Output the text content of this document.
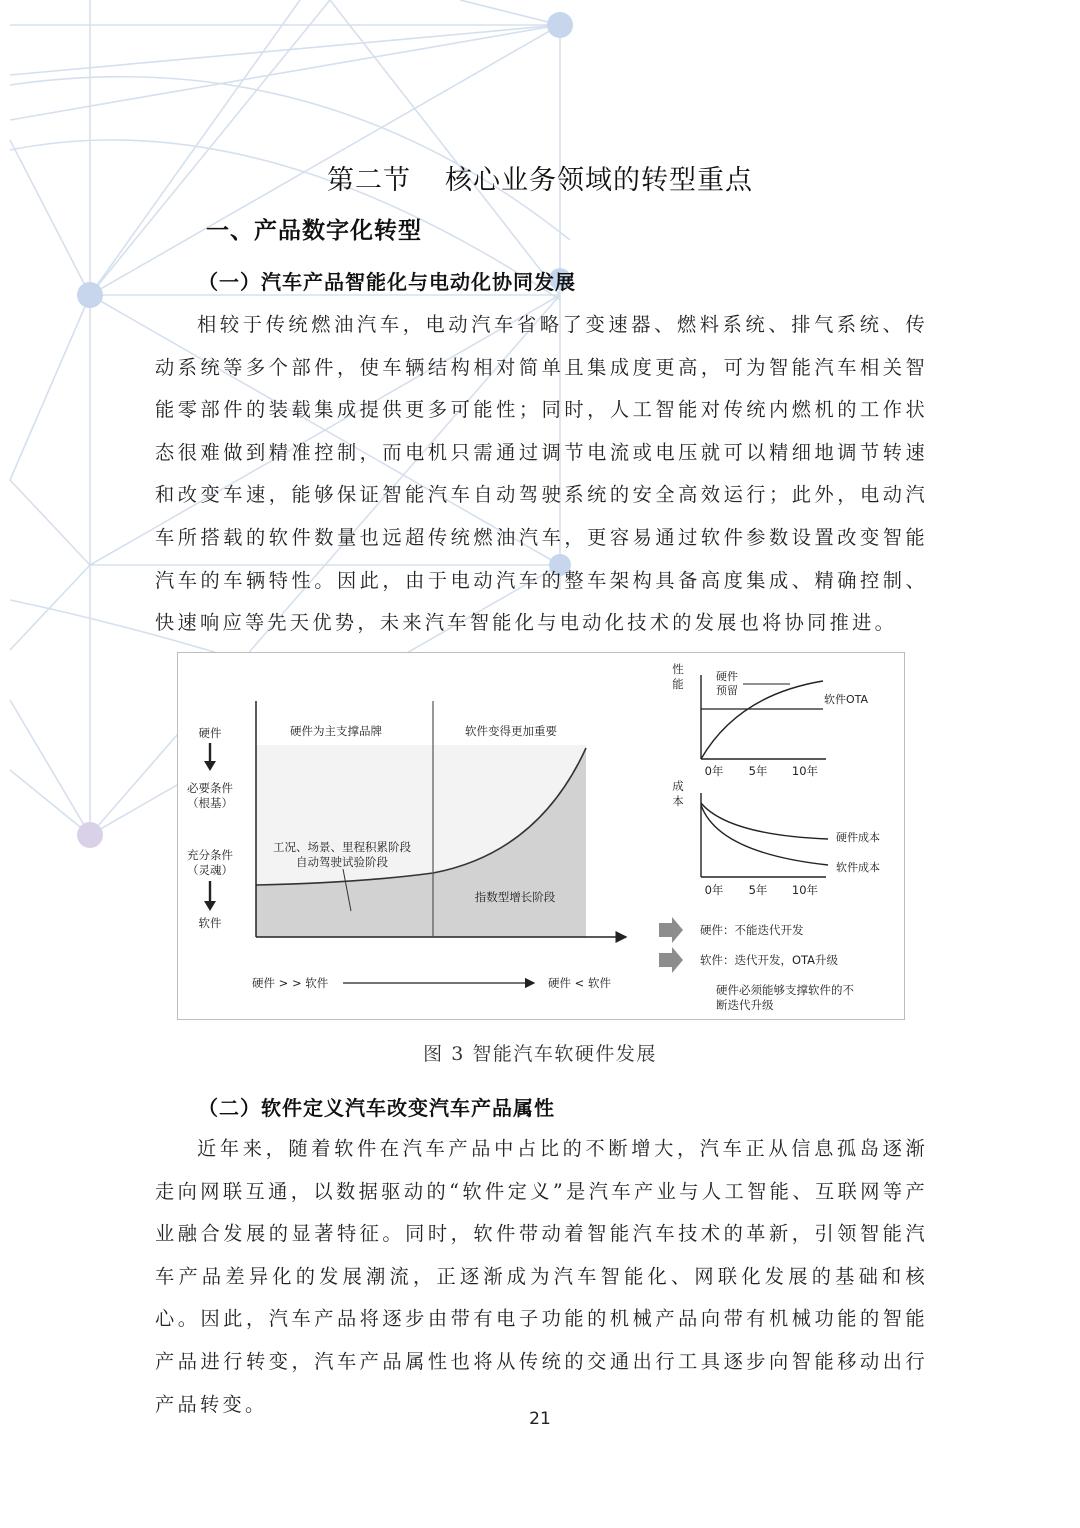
第二节 核心业务领域的转型重点
一、产品数字化转型
（一）汽车产品智能化与电动化协同发展
相较于传统燃油汽车，电动汽车省略了变速器、燃料系统、排气系统、传动系统等多个部件，使车辆结构相对简单且集成度更高，可为智能汽车相关智能零部件的装载集成提供更多可能性；同时，人工智能对传统内燃机的工作状态很难做到精准控制，而电机只需通过调节电流或电压就可以精细地调节转速和改变车速，能够保证智能汽车自动驾驶系统的安全高效运行；此外，电动汽车所搭载的软件数量也远超传统燃油汽车，更容易通过软件参数设置改变智能汽车的车辆特性。因此，由于电动汽车的整车架构具备高度集成、精确控制、快速响应等先天优势，未来汽车智能化与电动化技术的发展也将协同推进。
硬件为主支撑品牌	软件变得更加重要
工况、场景、里程积累阶段
自动驾驶试验阶段
指数型增长阶段
硬件
必要条件
（根基）
充分条件
（灵魂）
软件
硬件 > > 软件	硬件 < 软件
性
能
硬件
预留
软件OTA
0年 5年 10年
成
本
硬件成本
软件成本
0年 5年 10年
硬件：不能迭代开发
软件：迭代开发，OTA升级
硬件必须能够支撑软件的不
断迭代升级
图 3 智能汽车软硬件发展
（二）软件定义汽车改变汽车产品属性
近年来，随着软件在汽车产品中占比的不断增大，汽车正从信息孤岛逐渐走向网联互通，以数据驱动的“软件定义”是汽车产业与人工智能、互联网等产业融合发展的显著特征。同时，软件带动着智能汽车技术的革新，引领智能汽车产品差异化的发展潮流，正逐渐成为汽车智能化、网联化发展的基础和核心。因此，汽车产品将逐步由带有电子功能的机械产品向带有机械功能的智能产品进行转变，汽车产品属性也将从传统的交通出行工具逐步向智能移动出行产品转变。
21
